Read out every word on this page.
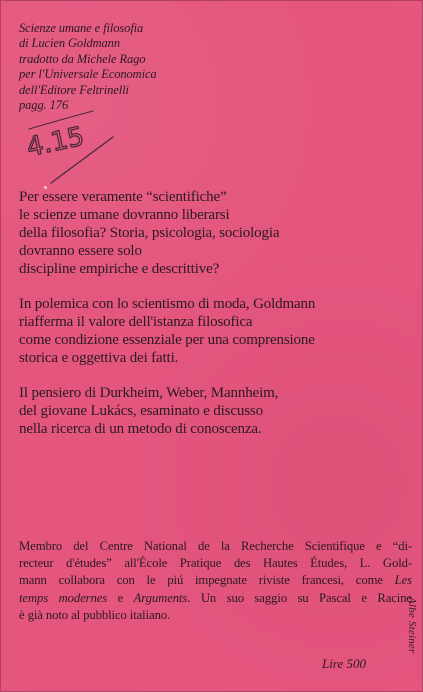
Scienze umane e filosofia
di Lucien Goldmann
tradotto da Michele Rago
per l'Universale Economica
dell'Editore Feltrinelli
pagg. 176
4.15

Per essere veramente “scientifiche”
le scienze umane dovranno liberarsi
della filosofia? Storia, psicologia, sociologia
dovranno essere solo
discipline empiriche e descrittive?

In polemica con lo scientismo di moda, Goldmann
riafferma il valore dell'istanza filosofica
come condizione essenziale per una comprensione
storica e oggettiva dei fatti.

Il pensiero di Durkheim, Weber, Mannheim,
del giovane Lukács, esaminato e discusso
nella ricerca di un metodo di conoscenza.

Membro del Centre National de la Recherche Scientifique e “di-
recteur d'études” all'École Pratique des Hautes Études, L. Gold-
mann collabora con le piú impegnate riviste francesi, come Les
temps modernes e Arguments. Un suo saggio su Pascal e Racine
è già noto al pubblico italiano.	Albe Steiner
Lire 500
